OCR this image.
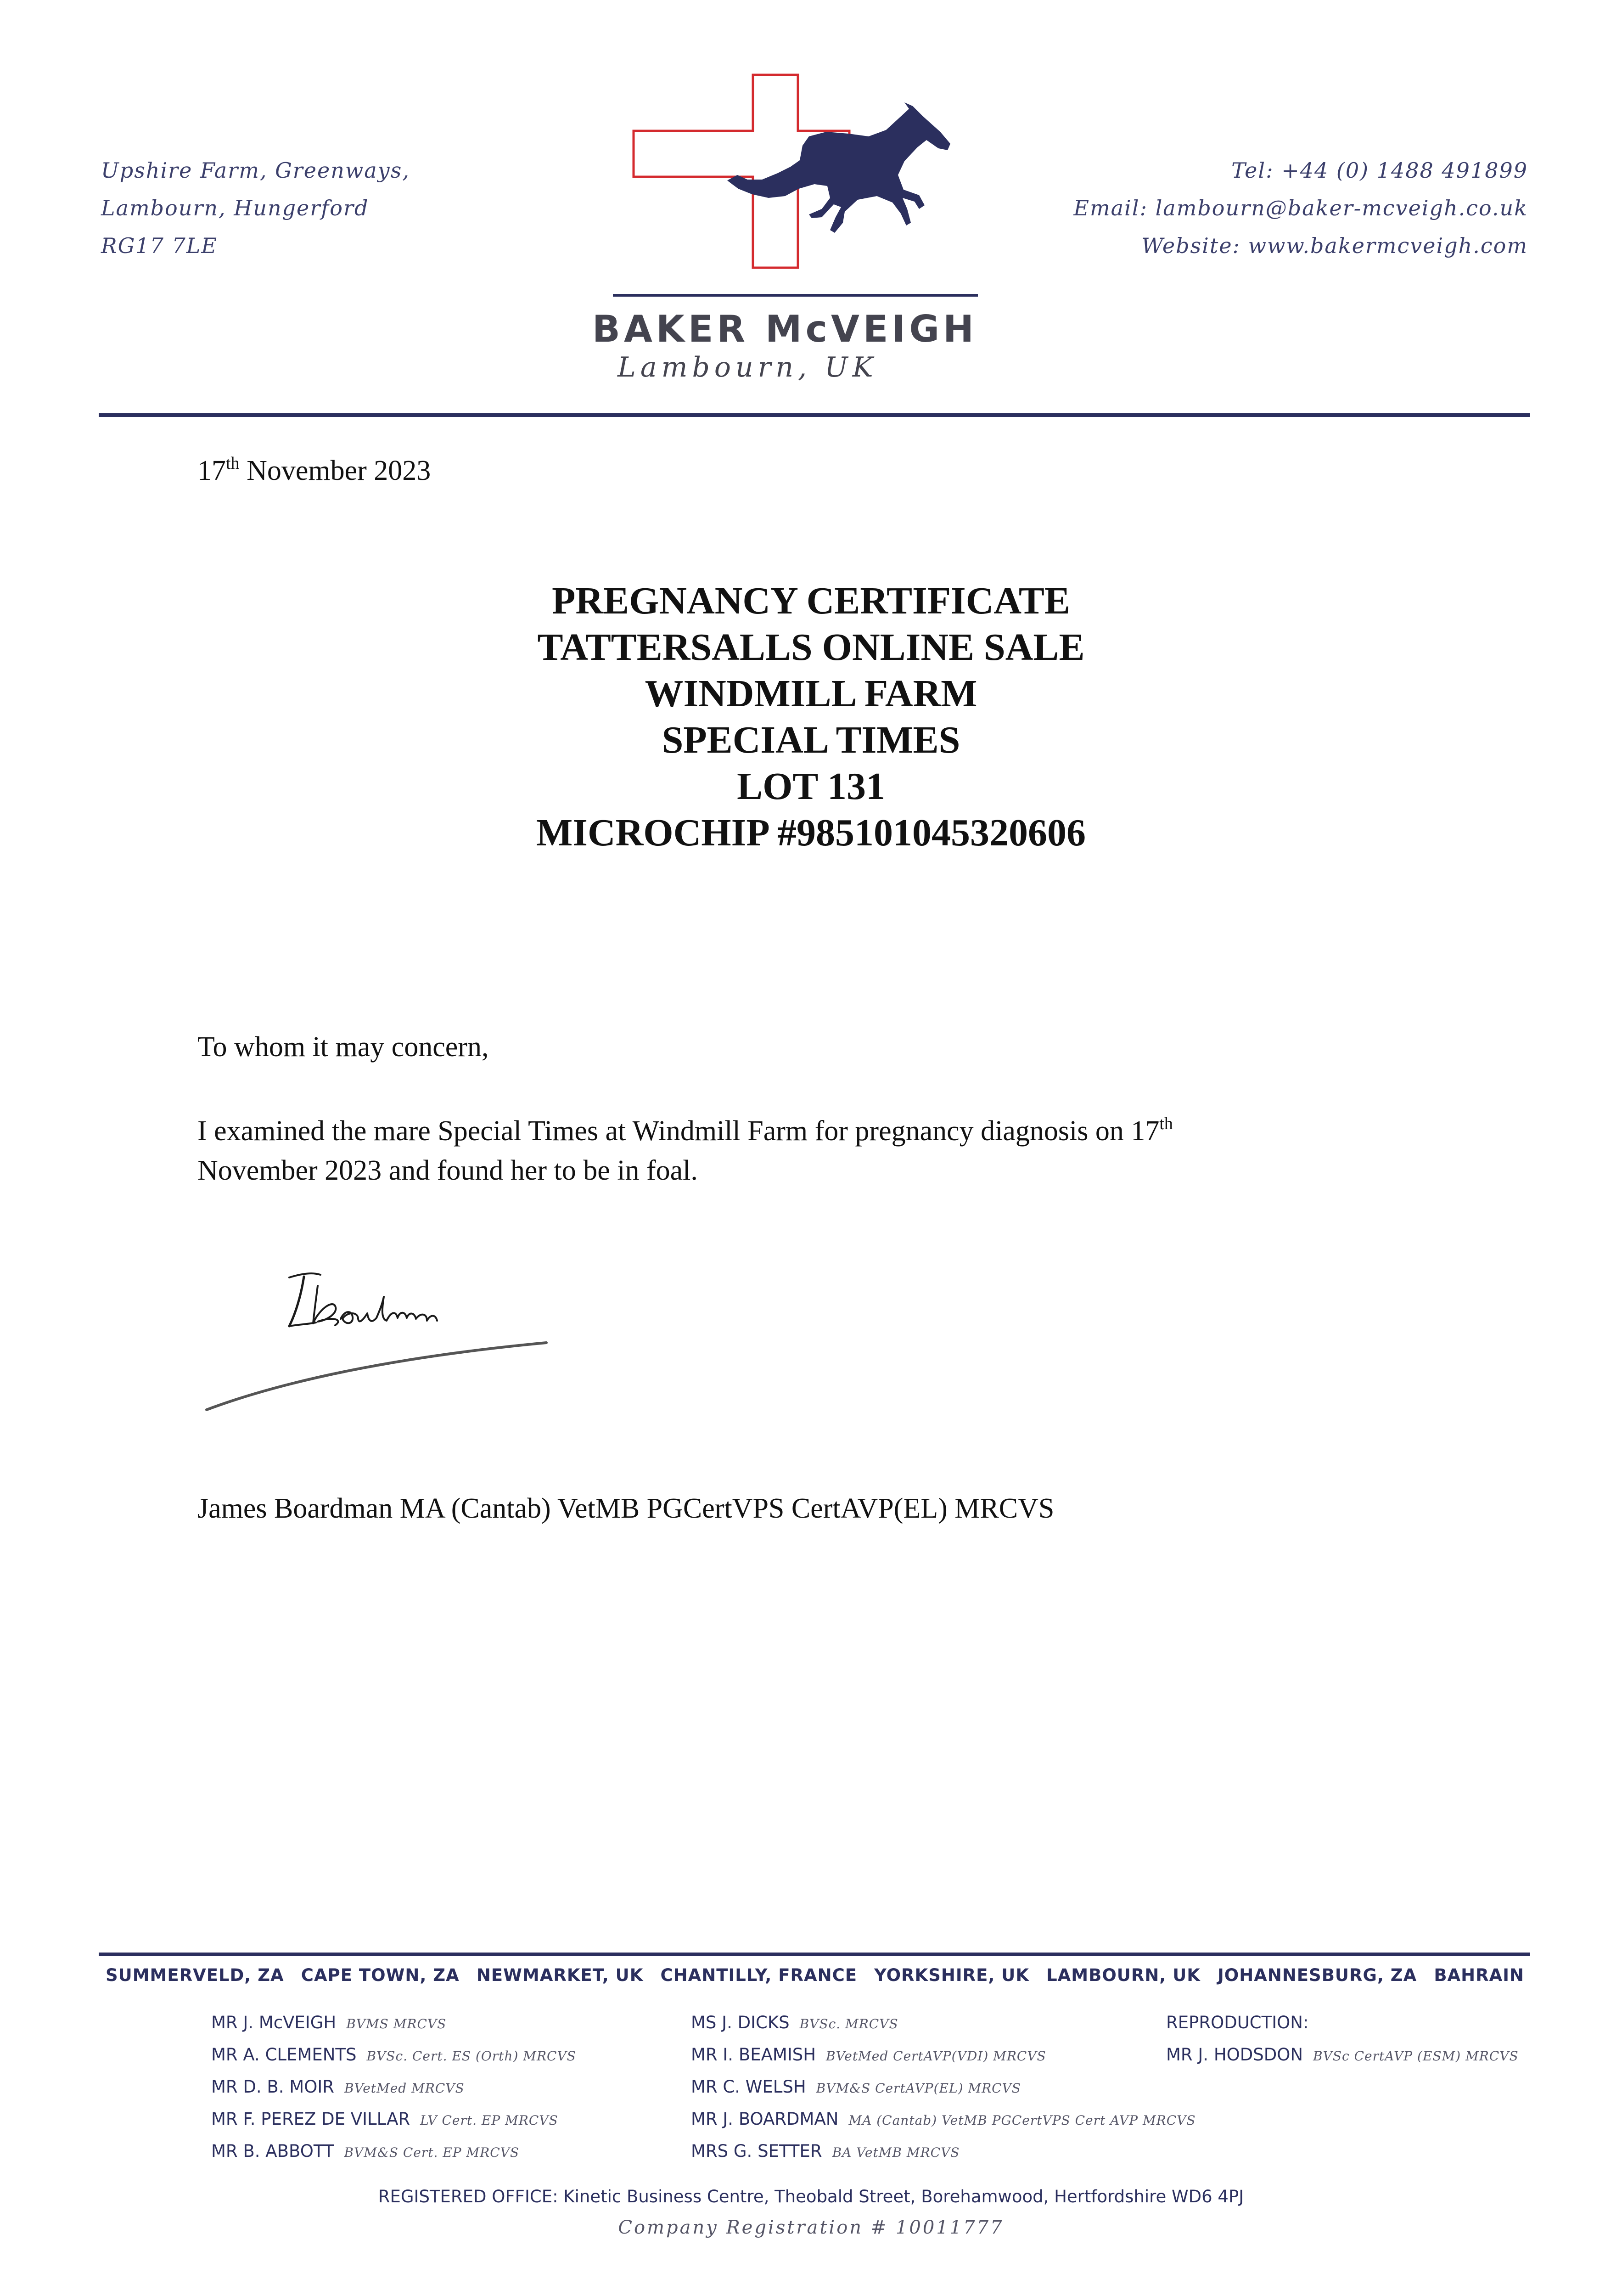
Upshire Farm, Greenways,
Lambourn, Hungerford
RG17 7LE
Tel: +44 (0) 1488 491899
Email: lambourn@baker-mcveigh.co.uk
Website: www.bakermcveigh.com
BAKER McVEIGH
Lambourn, UK
17th November 2023
PREGNANCY CERTIFICATE
TATTERSALLS ONLINE SALE
WINDMILL FARM
SPECIAL TIMES
LOT 131
MICROCHIP #985101045320606
To whom it may concern,
I examined the mare Special Times at Windmill Farm for pregnancy diagnosis on 17th
November 2023 and found her to be in foal.
James Boardman MA (Cantab) VetMB PGCertVPS CertAVP(EL) MRCVS
SUMMERVELD, ZA CAPE TOWN, ZA NEWMARKET, UK CHANTILLY, FRANCE YORKSHIRE, UK LAMBOURN, UK JOHANNESBURG, ZA BAHRAIN
MR J. McVEIGH BVMS MRCVS
MR A. CLEMENTS BVSc. Cert. ES (Orth) MRCVS
MR D. B. MOIR BVetMed MRCVS
MR F. PEREZ DE VILLAR LV Cert. EP MRCVS
MR B. ABBOTT BVM&S Cert. EP MRCVS
MS J. DICKS BVSc. MRCVS
MR I. BEAMISH BVetMed CertAVP(VDI) MRCVS
MR C. WELSH BVM&S CertAVP(EL) MRCVS
MR J. BOARDMAN MA (Cantab) VetMB PGCertVPS Cert AVP MRCVS
MRS G. SETTER BA VetMB MRCVS
REPRODUCTION:
MR J. HODSDON BVSc CertAVP (ESM) MRCVS
REGISTERED OFFICE: Kinetic Business Centre, Theobald Street, Borehamwood, Hertfordshire WD6 4PJ
Company Registration # 10011777
